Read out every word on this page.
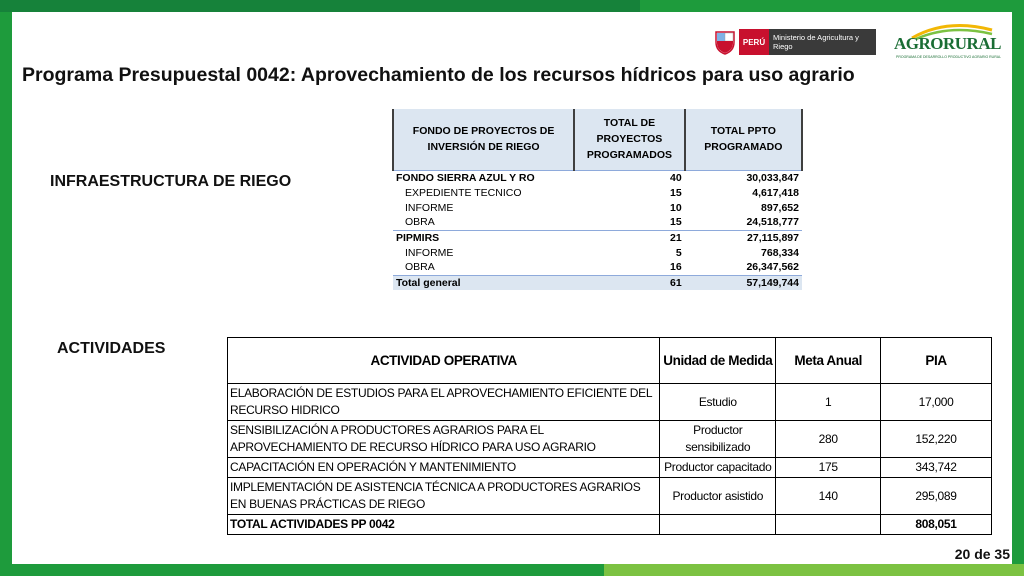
PERÚ	Ministerio de Agricultura y Riego	AGRORURAL
PROGRAMA DE DESARROLLO PRODUCTIVO AGRARIO RURAL
Programa Presupuestal 0042: Aprovechamiento de los recursos hídricos para uso agrario
INFRAESTRUCTURA DE RIEGO
ACTIVIDADES
FONDO DE PROYECTOS DE INVERSIÓN DE RIEGO	TOTAL DE PROYECTOS PROGRAMADOS	TOTAL PPTO PROGRAMADO
FONDO SIERRA AZUL Y RO	40	30,033,847
EXPEDIENTE TECNICO	15	4,617,418
INFORME	10	897,652
OBRA	15	24,518,777
PIPMIRS	21	27,115,897
INFORME	5	768,334
OBRA	16	26,347,562
Total general	61	57,149,744
ACTIVIDAD OPERATIVA	Unidad de Medida	Meta Anual	PIA
ELABORACIÓN DE ESTUDIOS PARA EL APROVECHAMIENTO EFICIENTE DEL RECURSO HIDRICO	Estudio	1	17,000
SENSIBILIZACIÓN A PRODUCTORES AGRARIOS PARA EL APROVECHAMIENTO DE RECURSO HÍDRICO PARA USO AGRARIO	Productor sensibilizado	280	152,220
CAPACITACIÓN EN OPERACIÓN Y MANTENIMIENTO	Productor capacitado	175	343,742
IMPLEMENTACIÓN DE ASISTENCIA TÉCNICA A PRODUCTORES AGRARIOS EN BUENAS PRÁCTICAS DE RIEGO	Productor asistido	140	295,089
TOTAL ACTIVIDADES PP 0042			808,051
20 de 35
